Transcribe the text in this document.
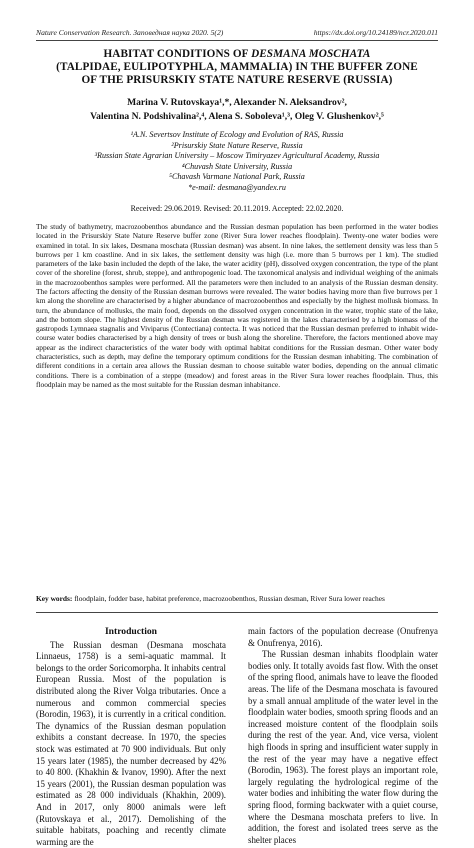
Nature Conservation Research. Заповедная наука 2020. 5(2)	https://dx.doi.org/10.24189/ncr.2020.011
HABITAT CONDITIONS OF DESMANA MOSCHATA
(TALPIDAE, EULIPOTYPHLA, MAMMALIA) IN THE BUFFER ZONE
OF THE PRISURSKIY STATE NATURE RESERVE (RUSSIA)
Marina V. Rutovskaya¹,*, Alexander N. Aleksandrov²,
Valentina N. Podshivalina²,⁴, Alena S. Soboleva¹,³, Oleg V. Glushenkov²,⁵
¹A.N. Severtsov Institute of Ecology and Evolution of RAS, Russia
²Prisurskiy State Nature Reserve, Russia
³Russian State Agrarian University – Moscow Timiryazev Agricultural Academy, Russia
⁴Chuvash State University, Russia
⁵Chavash Varmane National Park, Russia
*e-mail: desmana@yandex.ru
Received: 29.06.2019. Revised: 20.11.2019. Accepted: 22.02.2020.
The study of bathymetry, macrozoobenthos abundance and the Russian desman population has been performed in the water bodies located in the Prisurskiy State Nature Reserve buffer zone (River Sura lower reaches floodplain). Twenty-one water bodies were examined in total. In six lakes, Desmana moschata (Russian desman) was absent. In nine lakes, the settlement density was less than 5 burrows per 1 km coastline. And in six lakes, the settlement density was high (i.e. more than 5 burrows per 1 km). The studied parameters of the lake basin included the depth of the lake, the water acidity (pH), dissolved oxygen concentration, the type of the plant cover of the shoreline (forest, shrub, steppe), and anthropogenic load. The taxonomical analysis and individual weighing of the animals in the macrozoobenthos samples were performed. All the parameters were then included to an analysis of the Russian desman density. The factors affecting the density of the Russian desman burrows were revealed. The water bodies having more than five burrows per 1 km along the shoreline are characterised by a higher abundance of macrozoobenthos and especially by the highest mollusk biomass. In turn, the abundance of mollusks, the main food, depends on the dissolved oxygen concentration in the water, trophic state of the lake, and the bottom slope. The highest density of the Russian desman was registered in the lakes characterised by a high biomass of the gastropods Lymnaea stagnalis and Viviparus (Contectiana) contecta. It was noticed that the Russian desman preferred to inhabit wide-course water bodies characterised by a high density of trees or bush along the shoreline. Therefore, the factors mentioned above may appear as the indirect characteristics of the water body with optimal habitat conditions for the Russian desman. Other water body characteristics, such as depth, may define the temporary optimum conditions for the Russian desman inhabiting. The combination of different conditions in a certain area allows the Russian desman to choose suitable water bodies, depending on the annual climatic conditions. There is a combination of a steppe (meadow) and forest areas in the River Sura lower reaches floodplain. Thus, this floodplain may be named as the most suitable for the Russian desman inhabitance.
Key words: floodplain, fodder base, habitat preference, macrozoobenthos, Russian desman, River Sura lower reaches
Introduction

The Russian desman (Desmana moschata Linnaeus, 1758) is a semi-aquatic mammal. It belongs to the order Soricomorpha. It inhabits central European Russia. Most of the population is distributed along the River Volga tributaries. Once a numerous and common commercial species (Borodin, 1963), it is currently in a critical condition. The dynamics of the Russian desman population exhibits a constant decrease. In 1970, the species stock was estimated at 70 900 individuals. But only 15 years later (1985), the number decreased by 42% to 40 800. (Khakhin & Ivanov, 1990). After the next 15 years (2001), the Russian desman population was estimated as 28 000 individuals (Khakhin, 2009). And in 2017, only 8000 animals were left (Rutovskaya et al., 2017). Demolishing of the suitable habitats, poaching and recently climate warming are the

main factors of the population decrease (Onufrenya & Onufrenya, 2016).

The Russian desman inhabits floodplain water bodies only. It totally avoids fast flow. With the onset of the spring flood, animals have to leave the flooded areas. The life of the Desmana moschata is favoured by a small annual amplitude of the water level in the floodplain water bodies, smooth spring floods and an increased moisture content of the floodplain soils during the rest of the year. And, vice versa, violent high floods in spring and insufficient water supply in the rest of the year may have a negative effect (Borodin, 1963). The forest plays an important role, largely regulating the hydrological regime of the water bodies and inhibiting the water flow during the spring flood, forming backwater with a quiet course, where the Desmana moschata prefers to live. In addition, the forest and isolated trees serve as the shelter places
